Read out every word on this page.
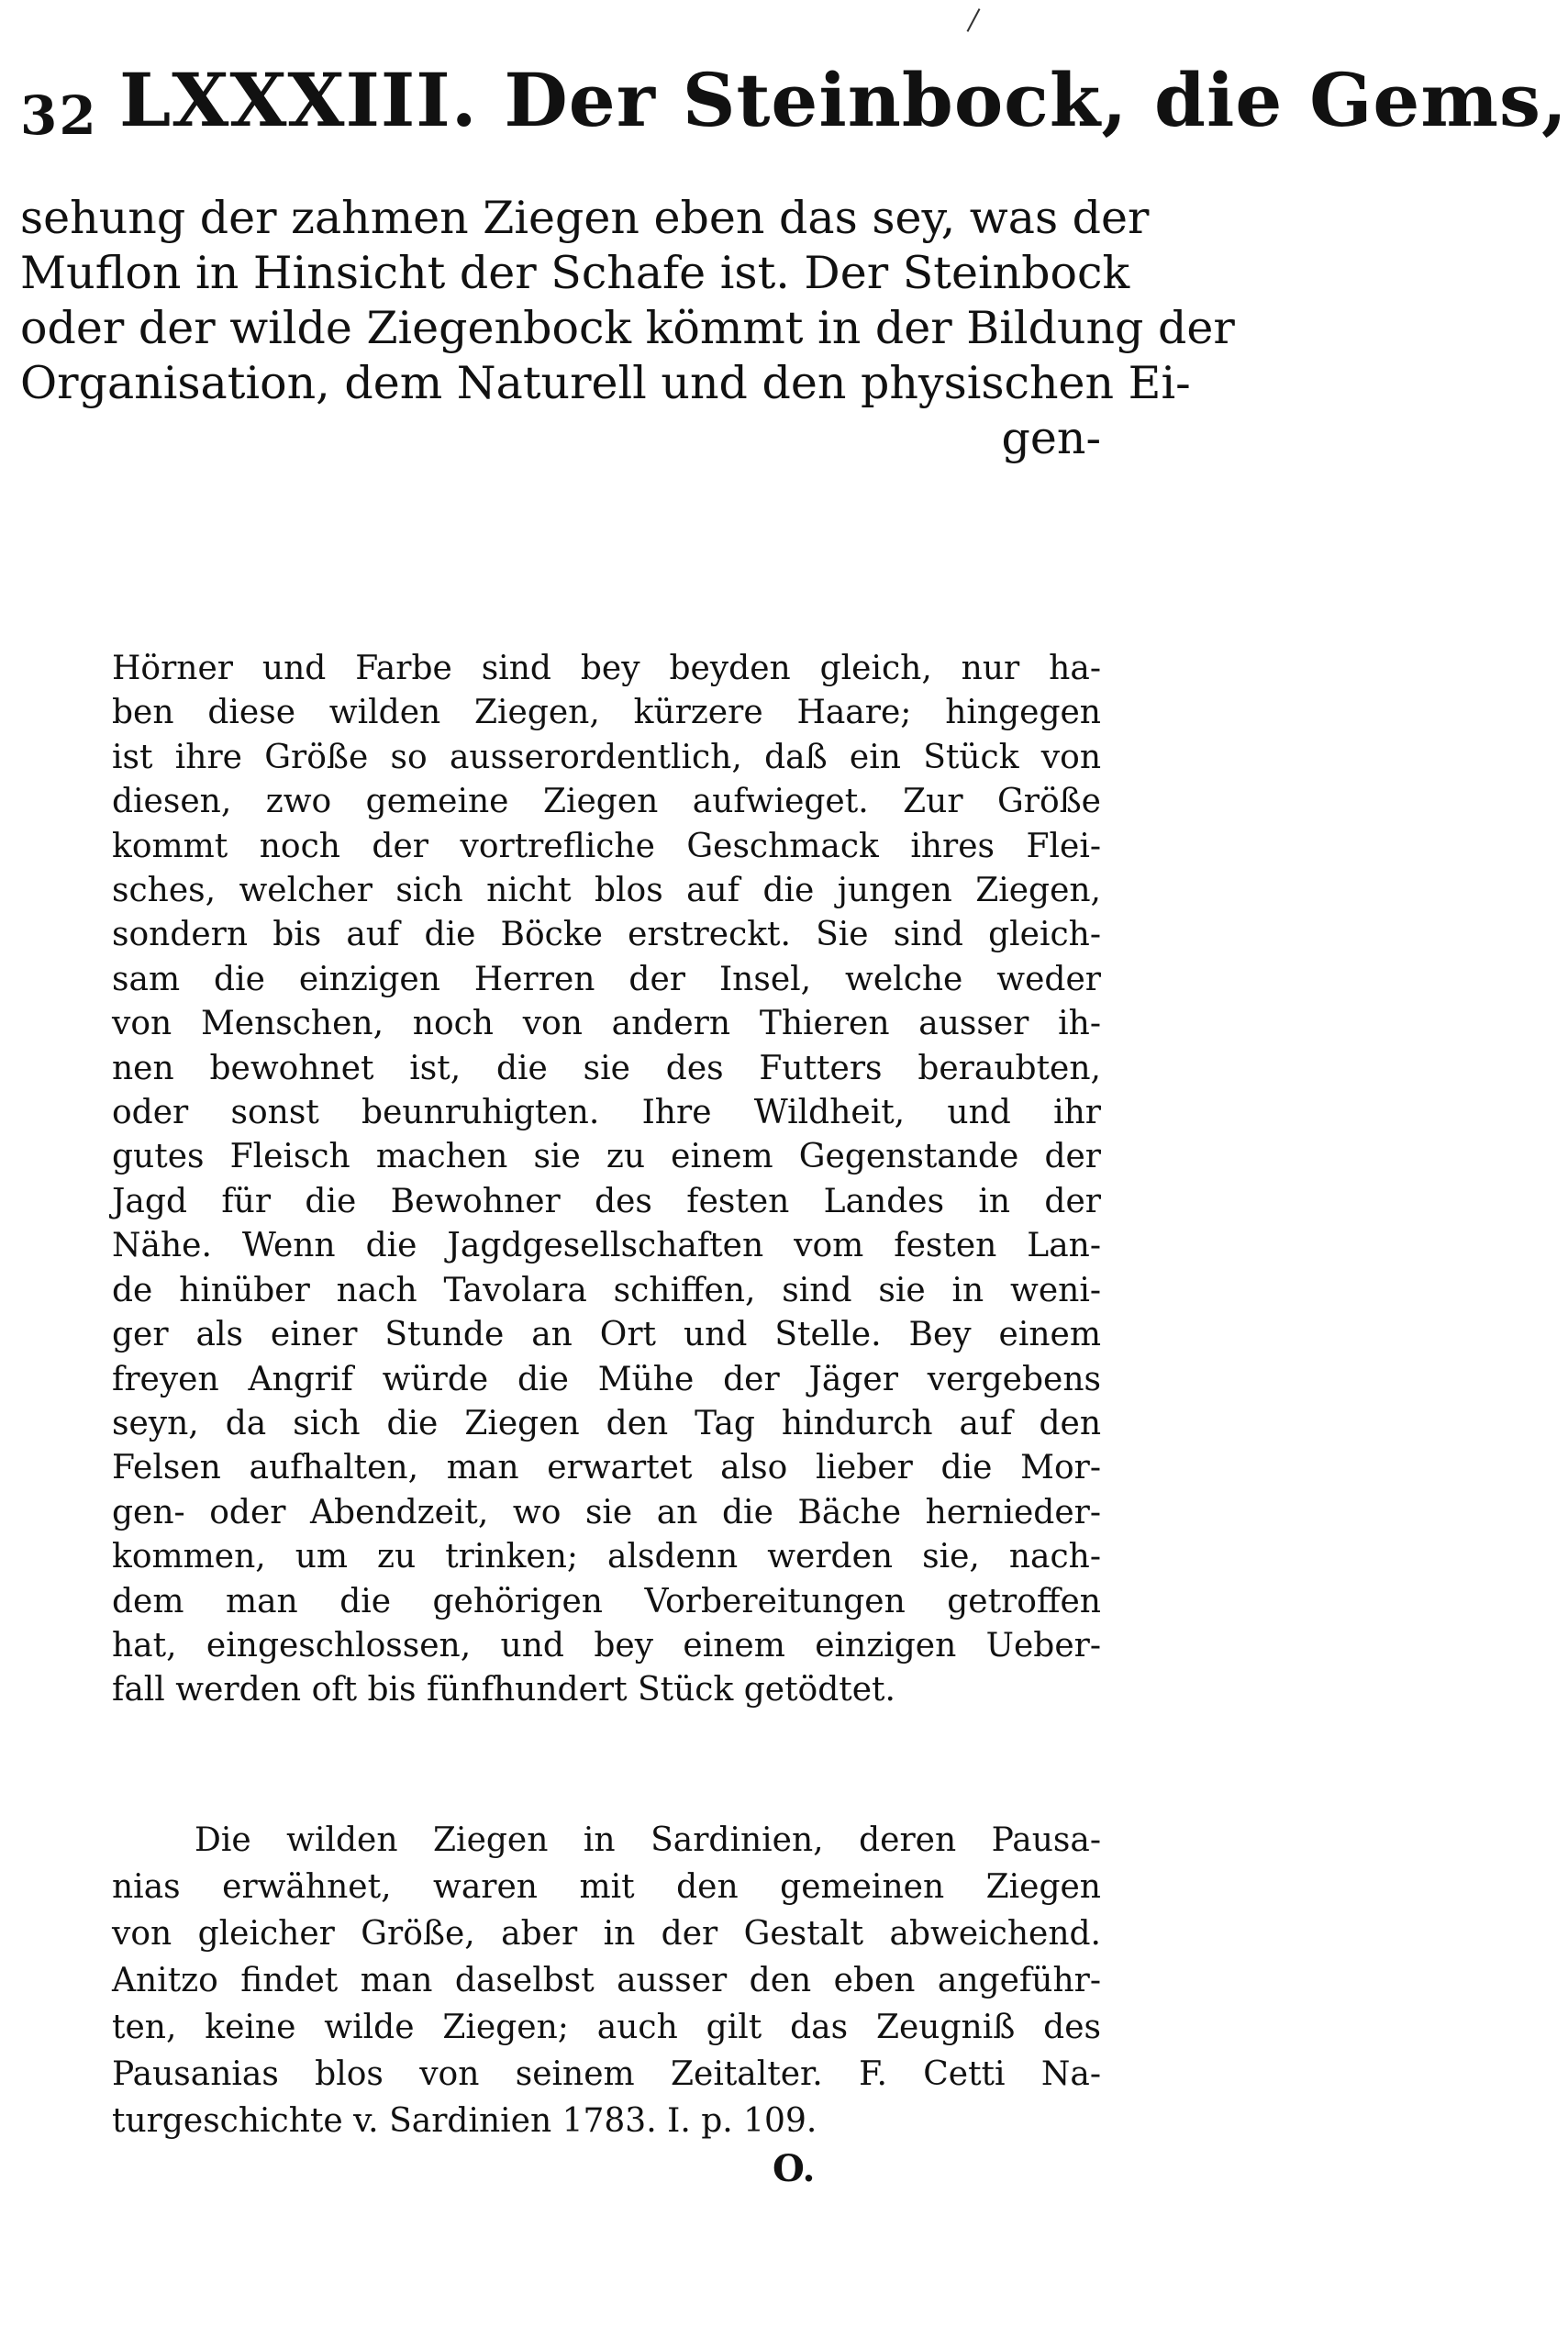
32 LXXXIII. Der Steinbock, die Gems,
sehung der zahmen Ziegen eben das sey, was der
Muflon in Hinsicht der Schafe ist. Der Steinbock
oder der wilde Ziegenbock kömmt in der Bildung der
Organisation, dem Naturell und den physischen Ei-
gen-
Hörner und Farbe sind bey beyden gleich, nur ha-
ben diese wilden Ziegen, kürzere Haare; hingegen
ist ihre Größe so ausserordentlich, daß ein Stück von
diesen, zwo gemeine Ziegen aufwieget. Zur Größe
kommt noch der vortrefliche Geschmack ihres Flei-
sches, welcher sich nicht blos auf die jungen Ziegen,
sondern bis auf die Böcke erstreckt. Sie sind gleich-
sam die einzigen Herren der Insel, welche weder
von Menschen, noch von andern Thieren ausser ih-
nen bewohnet ist, die sie des Futters beraubten,
oder sonst beunruhigten. Ihre Wildheit, und ihr
gutes Fleisch machen sie zu einem Gegenstande der
Jagd für die Bewohner des festen Landes in der
Nähe. Wenn die Jagdgesellschaften vom festen Lan-
de hinüber nach Tavolara schiffen, sind sie in weni-
ger als einer Stunde an Ort und Stelle. Bey einem
freyen Angrif würde die Mühe der Jäger vergebens
seyn, da sich die Ziegen den Tag hindurch auf den
Felsen aufhalten, man erwartet also lieber die Mor-
gen- oder Abendzeit, wo sie an die Bäche hernieder-
kommen, um zu trinken; alsdenn werden sie, nach-
dem man die gehörigen Vorbereitungen getroffen
hat, eingeschlossen, und bey einem einzigen Ueber-
fall werden oft bis fünfhundert Stück getödtet.
Die wilden Ziegen in Sardinien, deren Pausa-
nias erwähnet, waren mit den gemeinen Ziegen
von gleicher Größe, aber in der Gestalt abweichend.
Anitzo findet man daselbst ausser den eben angeführ-
ten, keine wilde Ziegen; auch gilt das Zeugniß des
Pausanias blos von seinem Zeitalter. F. Cetti Na-
turgeschichte v. Sardinien 1783. I. p. 109.
O.
